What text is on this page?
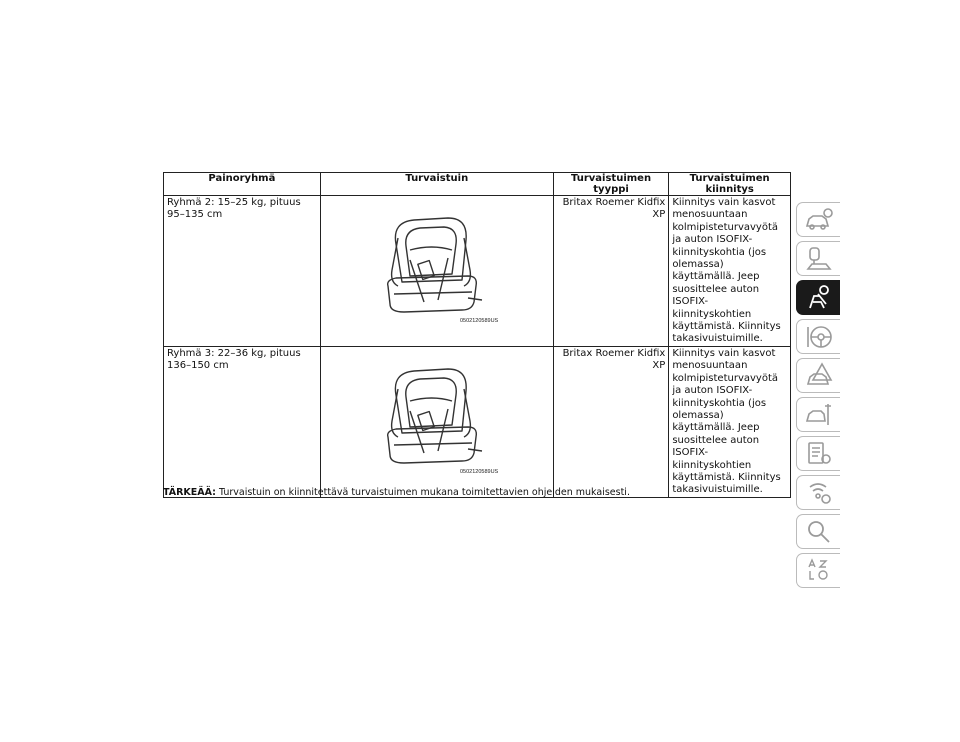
Painoryhmä	Turvaistuin	Turvaistuimen tyyppi	Turvaistuimen kiinnitys
Ryhmä 2: 15–25 kg, pituus 95–135 cm	0502120589US	Britax Roemer Kidfix XP	Kiinnitys vain kasvot menosuuntaan kolmipisteturvavyötä ja auton ISOFIX-kiinnityskohtia (jos olemassa) käyttämällä. Jeep suosittelee auton ISOFIX-kiinnityskohtien käyttämistä. Kiinnitys takasivuistuimille.
Ryhmä 3: 22–36 kg, pituus 136–150 cm	0502120589US	Britax Roemer Kidfix XP	Kiinnitys vain kasvot menosuuntaan kolmipisteturvavyötä ja auton ISOFIX-kiinnityskohtia (jos olemassa) käyttämällä. Jeep suosittelee auton ISOFIX-kiinnityskohtien käyttämistä. Kiinnitys takasivuistuimille.
TÄRKEÄÄ: Turvaistuin on kiinnitettävä turvaistuimen mukana toimitettavien ohjeiden mukaisesti.
